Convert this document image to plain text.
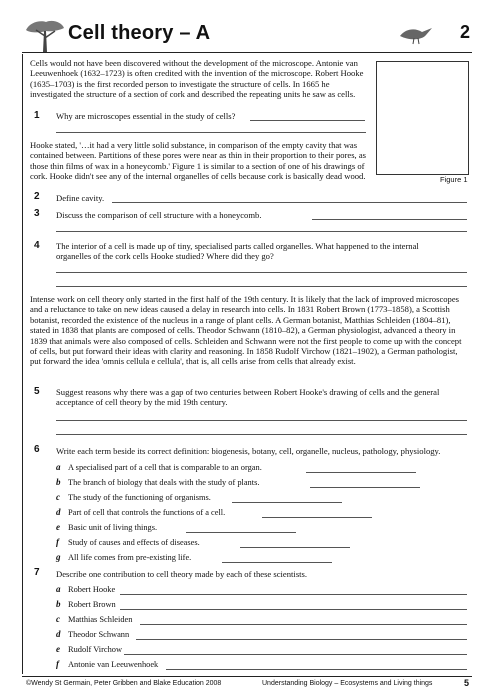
Cell theory – A	2
Cells would not have been discovered without the development of the microscope. Antonie van Leeuwenhoek (1632–1723) is often credited with the invention of the microscope. Robert Hooke (1635–1703) is the first recorded person to investigate the structure of cells. In 1665 he investigated the structure of a section of cork and described the repeating units he saw as cells.
Figure 1
1 Why are microscopes essential in the study of cells?
Hooke stated, '…it had a very little solid substance, in comparison of the empty cavity that was contained between. Partitions of these pores were near as thin in their proportion to their pores, as those thin films of wax in a honeycomb.' Figure 1 is similar to a section of one of his drawings of cork. Hooke didn't see any of the internal organelles of cells because cork is basically dead wood.
2 Define cavity.
3 Discuss the comparison of cell structure with a honeycomb.
4 The interior of a cell is made up of tiny, specialised parts called organelles. What happened to the internal organelles of the cork cells Hooke studied? Where did they go?
Intense work on cell theory only started in the first half of the 19th century. It is likely that the lack of improved microscopes and a reluctance to take on new ideas caused a delay in research into cells. In 1831 Robert Brown (1773–1858), a Scottish botanist, recorded the existence of the nucleus in a range of plant cells. A German botanist, Matthias Schleiden (1804–81), stated in 1838 that plants are composed of cells. Theodor Schwann (1810–82), a German physiologist, advanced a theory in 1839 that animals were also composed of cells. Schleiden and Schwann were not the first people to come up with the concept of cells, but put forward their ideas with clarity and reasoning. In 1858 Rudolf Virchow (1821–1902), a German pathologist, put forward the idea 'omnis cellula e cellula', that is, all cells arise from cells that already exist.
5 Suggest reasons why there was a gap of two centuries between Robert Hooke's drawing of cells and the general acceptance of cell theory by the mid 19th century.
6 Write each term beside its correct definition: biogenesis, botany, cell, organelle, nucleus, pathology, physiology.
a A specialised part of a cell that is comparable to an organ.
b The branch of biology that deals with the study of plants.
c The study of the functioning of organisms.
d Part of cell that controls the functions of a cell.
e Basic unit of living things.
f Study of causes and effects of diseases.
g All life comes from pre-existing life.
7 Describe one contribution to cell theory made by each of these scientists.
a Robert Hooke
b Robert Brown
c Matthias Schleiden
d Theodor Schwann
e Rudolf Virchow
f Antonie van Leeuwenhoek
©Wendy St Germain, Peter Gribben and Blake Education 2008	Understanding Biology – Ecosystems and Living things	5
